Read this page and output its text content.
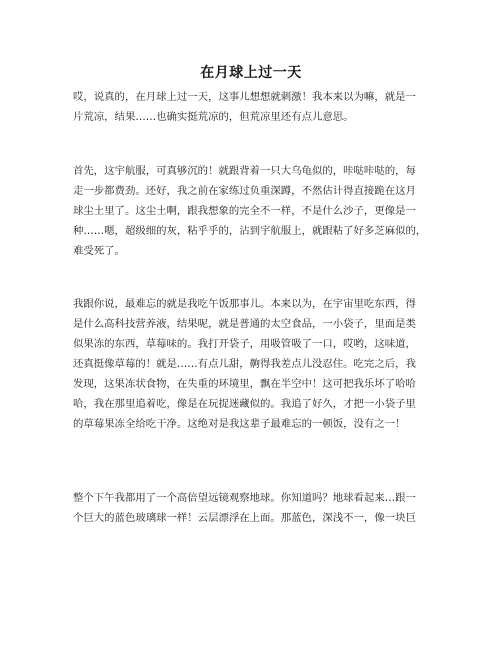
在月球上过一天
哎，说真的，在月球上过一天，这事儿想想就刺激！我本来以为嘛，就是一
片荒凉，结果……也确实挺荒凉的，但荒凉里还有点儿意思。
首先，这宇航服，可真够沉的！就跟背着一只大乌龟似的，咔哒咔哒的，每
走一步都费劲。还好，我之前在家练过负重深蹲，不然估计得直接跪在这月
球尘土里了。这尘土啊，跟我想象的完全不一样，不是什么沙子，更像是一
种……嗯，超级细的灰，粘乎乎的，沾到宇航服上，就跟粘了好多芝麻似的，
难受死了。
我跟你说，最难忘的就是我吃午饭那事儿。本来以为，在宇宙里吃东西，得
是什么高科技营养液，结果呢，就是普通的太空食品，一小袋子，里面是类
似果冻的东西，草莓味的。我打开袋子，用吸管吸了一口，哎哟，这味道，
还真挺像草莓的！就是……有点儿甜，齁得我差点儿没忍住。吃完之后，我
发现，这果冻状食物，在失重的环境里，飘在半空中！这可把我乐坏了哈哈
哈，我在那里追着吃，像是在玩捉迷藏似的。我追了好久，才把一小袋子里
的草莓果冻全给吃干净。这绝对是我这辈子最难忘的一顿饭，没有之一！
整个下午我都用了一个高倍望远镜观察地球。你知道吗？地球看起来…跟一
个巨大的蓝色玻璃球一样！云层漂浮在上面。那蓝色，深浅不一，像一块巨
